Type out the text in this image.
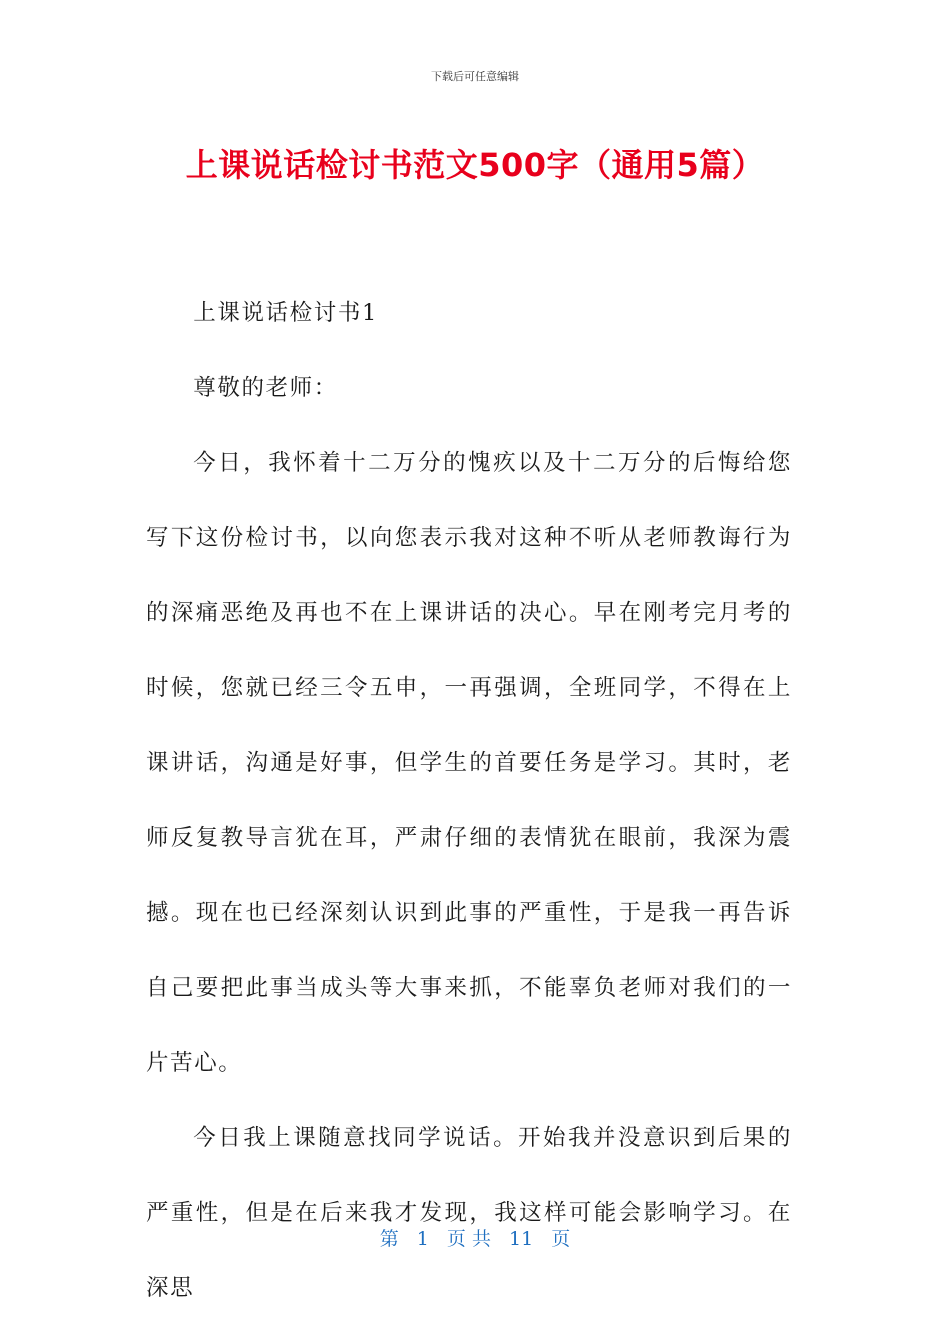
下载后可任意编辑
上课说话检讨书范文500字（通用5篇）

上课说话检讨书1

尊敬的老师：

今日，我怀着十二万分的愧疚以及十二万分的后悔给您写下这份检讨书，以向您表示我对这种不听从老师教诲行为的深痛恶绝及再也不在上课讲话的决心。早在刚考完月考的时候，您就已经三令五申，一再强调，全班同学，不得在上课讲话，沟通是好事，但学生的首要任务是学习。其时，老师反复教导言犹在耳，严肃仔细的表情犹在眼前，我深为震撼。现在也已经深刻认识到此事的严重性，于是我一再告诉自己要把此事当成头等大事来抓，不能辜负老师对我们的一片苦心。

今日我上课随意找同学说话。开始我并没意识到后果的严重性，但是在后来我才发现，我这样可能会影响学习。在深思

第 1 页 共 11 页
